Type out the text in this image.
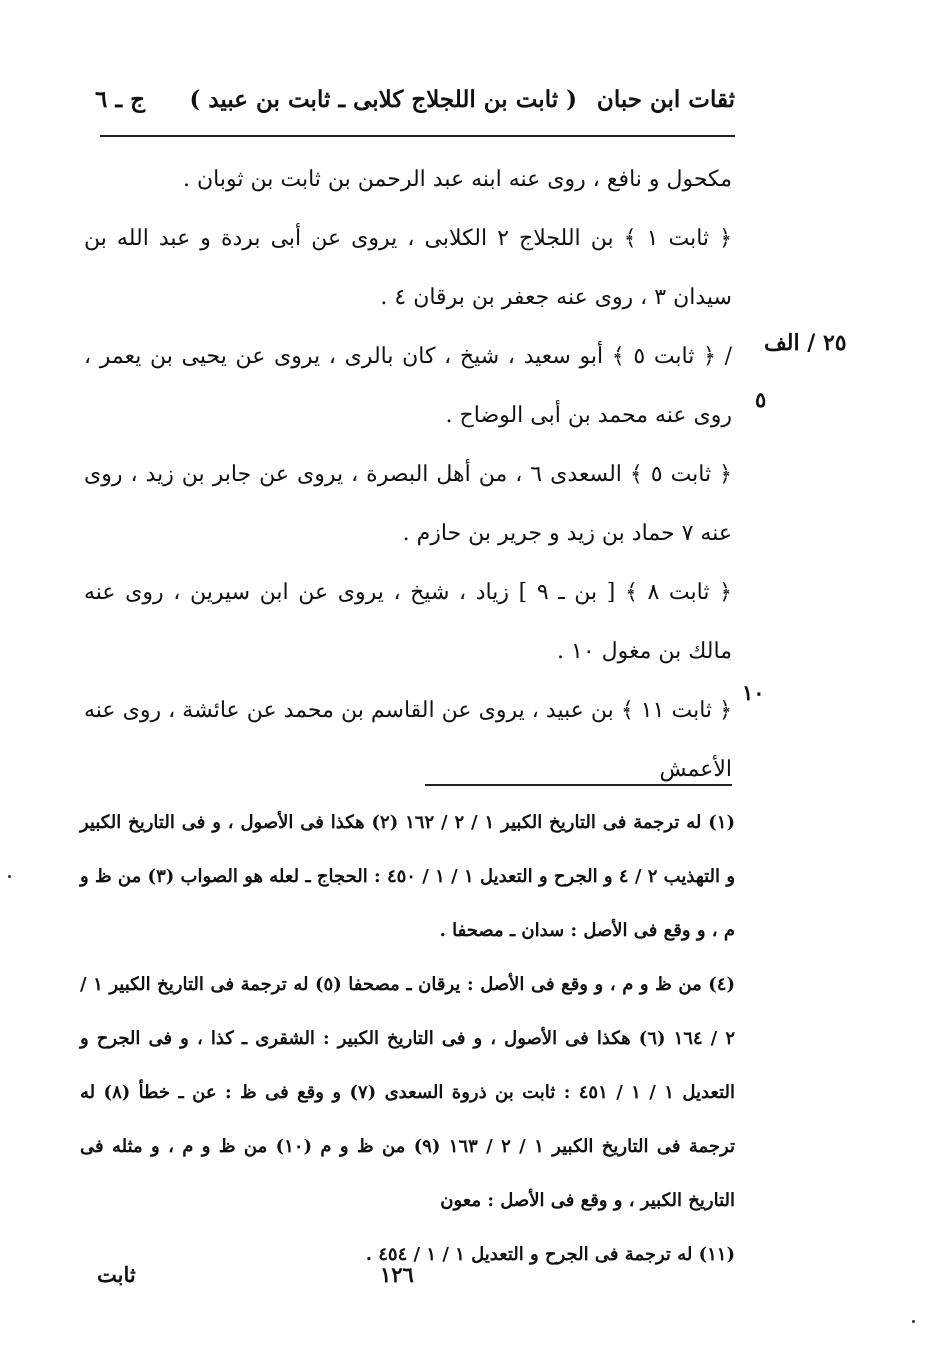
ثقات ابن حبان
( ثابت بن اللجلاج كلابى ـ ثابت بن عبيد )
ج ـ ٦
٢٥ / الف
٥
١٠

مكحول و نافع ، روى عنه ابنه عبد الرحمن بن ثابت بن ثوبان .

﴿ ثابت ١ ﴾ بن اللجلاج ٢ الكلابى ، يروى عن أبى بردة و عبد الله بن سيدان ٣ ، روى عنه جعفر بن برقان ٤ .

/ ﴿ ثابت ٥ ﴾ أبو سعيد ، شيخ ، كان بالرى ، يروى عن يحيى بن يعمر ، روى عنه محمد بن أبى الوضاح .

﴿ ثابت ٥ ﴾ السعدى ٦ ، من أهل البصرة ، يروى عن جابر بن زيد ، روى عنه ٧ حماد بن زيد و جرير بن حازم .

﴿ ثابت ٨ ﴾ [ بن ـ ٩ ] زياد ، شيخ ، يروى عن ابن سيرين ، روى عنه مالك بن مغول ١٠ .

﴿ ثابت ١١ ﴾ بن عبيد ، يروى عن القاسم بن محمد عن عائشة ، روى عنه الأعمش

(١) له ترجمة فى التاريخ الكبير ١ / ٢ / ١٦٢ (٢) هكذا فى الأصول ، و فى التاريخ الكبير و التهذيب ٢ / ٤ و الجرح و التعديل ١ / ١ / ٤٥٠ : الحجاج ـ لعله هو الصواب (٣) من ظ و م ، و وقع فى الأصل : سدان ـ مصحفا .

(٤) من ظ و م ، و وقع فى الأصل : يرقان ـ مصحفا (٥) له ترجمة فى التاريخ الكبير ١ / ٢ / ١٦٤ (٦) هكذا فى الأصول ، و فى التاريخ الكبير : الشقرى ـ كذا ، و فى الجرح و التعديل ١ / ١ / ٤٥١ : ثابت بن ذروة السعدى (٧) و وقع فى ظ : عن ـ خطأ (٨) له ترجمة فى التاريخ الكبير ١ / ٢ / ١٦٣ (٩) من ظ و م (١٠) من ظ و م ، و مثله فى التاريخ الكبير ، و وقع فى الأصل : معون

(١١) له ترجمة فى الجرح و التعديل ١ / ١ / ٤٥٤ .

١٢٦
ثابت
